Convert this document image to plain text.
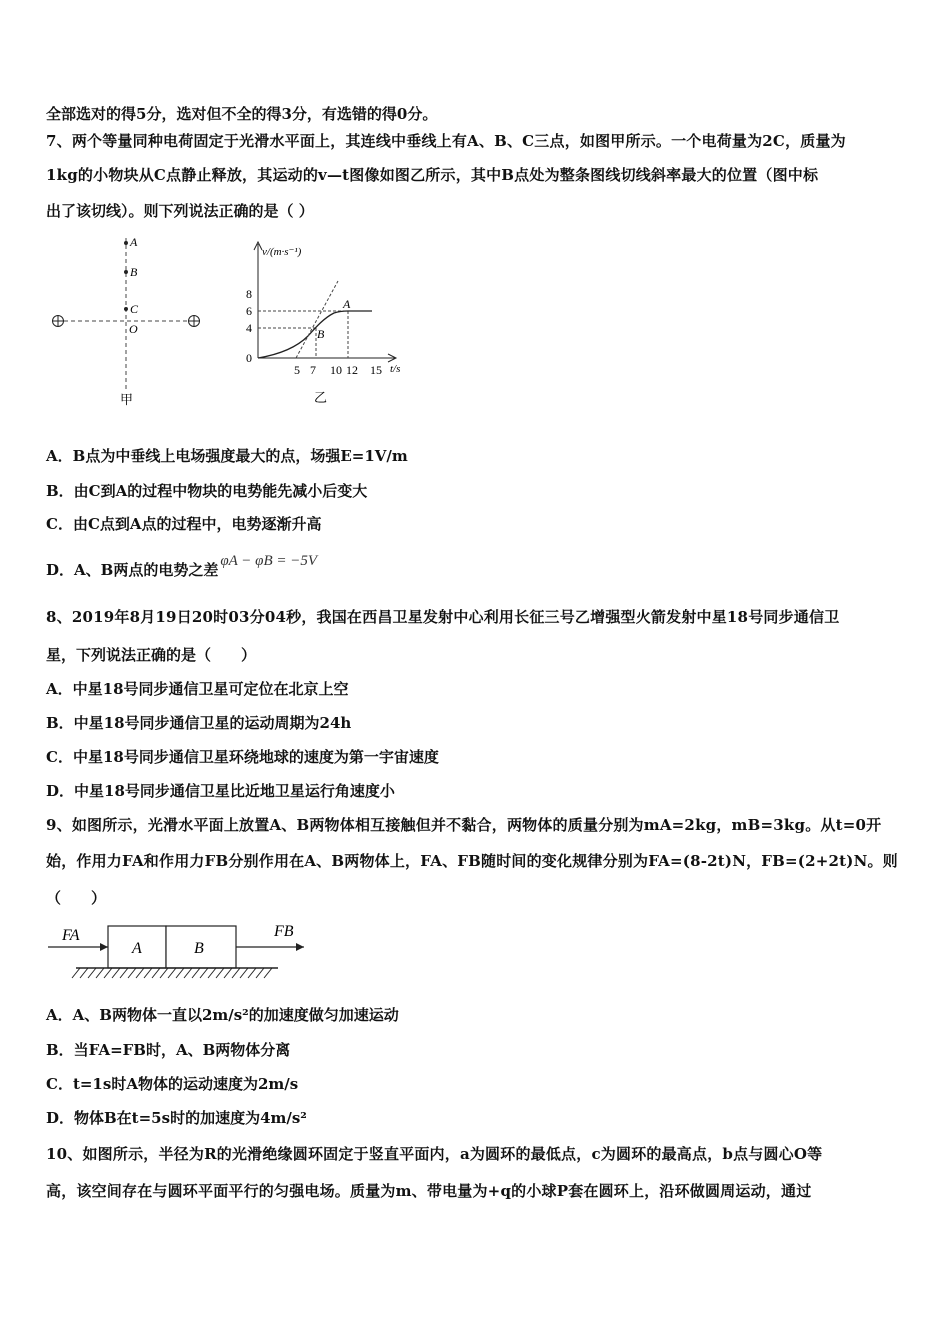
全部选对的得5分，选对但不全的得3分，有选错的得0分。
7、两个等量同种电荷固定于光滑水平面上，其连线中垂线上有A、B、C三点，如图甲所示。一个电荷量为2C，质量为
1kg的小物块从C点静止释放，其运动的v—t图像如图乙所示，其中B点处为整条图线切线斜率最大的位置（图中标
出了该切线）。则下列说法正确的是（ ）
A
B
C
O
甲
v/(m·s⁻¹)
t/s
8
6
4
0
5 7 10 12 15
A
B
乙
A．B点为中垂线上电场强度最大的点，场强E=1V/m
B．由C到A的过程中物块的电势能先减小后变大
C．由C点到A点的过程中，电势逐渐升高
D．A、B两点的电势之差 φA − φB = −5V
8、2019年8月19日20时03分04秒，我国在西昌卫星发射中心利用长征三号乙增强型火箭发射中星18号同步通信卫
星，下列说法正确的是（　　）
A．中星18号同步通信卫星可定位在北京上空
B．中星18号同步通信卫星的运动周期为24h
C．中星18号同步通信卫星环绕地球的速度为第一宇宙速度
D．中星18号同步通信卫星比近地卫星运行角速度小
9、如图所示，光滑水平面上放置A、B两物体相互接触但并不黏合，两物体的质量分别为mA=2kg，mB=3kg。从t=0开
始，作用力FA和作用力FB分别作用在A、B两物体上，FA、FB随时间的变化规律分别为FA=(8-2t)N，FB=(2+2t)N。则
（　　）
FA
A	B
FB
A．A、B两物体一直以2m/s²的加速度做匀加速运动
B．当FA=FB时，A、B两物体分离
C．t=1s时A物体的运动速度为2m/s
D．物体B在t=5s时的加速度为4m/s²
10、如图所示，半径为R的光滑绝缘圆环固定于竖直平面内，a为圆环的最低点，c为圆环的最高点，b点与圆心O等
高，该空间存在与圆环平面平行的匀强电场。质量为m、带电量为+q的小球P套在圆环上，沿环做圆周运动，通过
